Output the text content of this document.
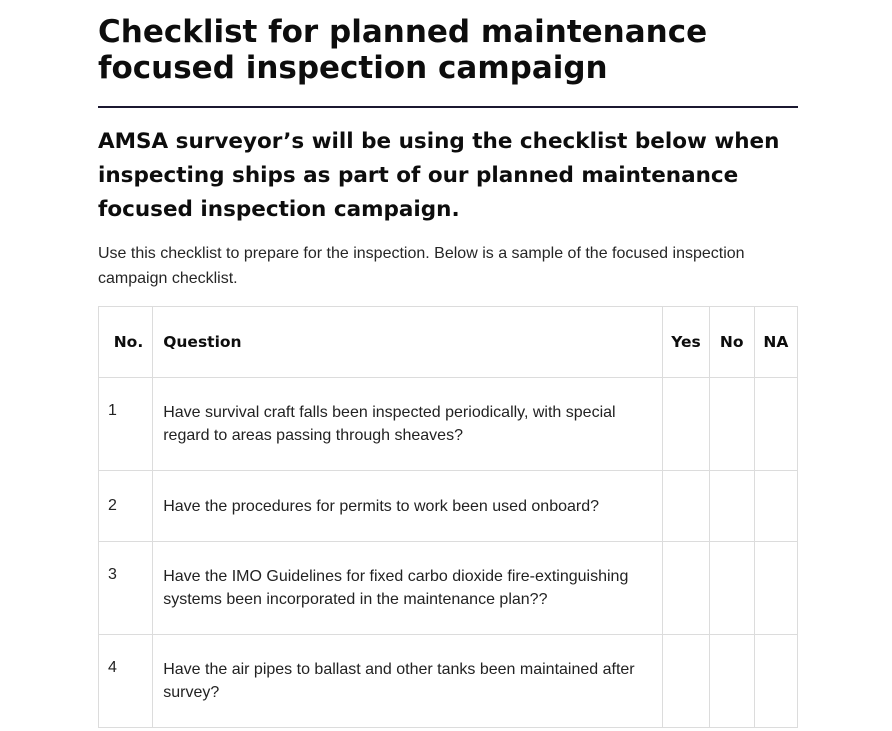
Checklist for planned maintenance focused inspection campaign
AMSA surveyor’s will be using the checklist below when inspecting ships as part of our planned maintenance focused inspection campaign.

Use this checklist to prepare for the inspection. Below is a sample of the focused inspection campaign checklist.

No.	Question	Yes	No	NA

1	Have survival craft falls been inspected periodically, with special regard to areas passing through sheaves?			

2	Have the procedures for permits to work been used onboard?			

3	Have the IMO Guidelines for fixed carbo dioxide fire-extinguishing systems been incorporated in the maintenance plan??			

4	Have the air pipes to ballast and other tanks been maintained after survey?			
